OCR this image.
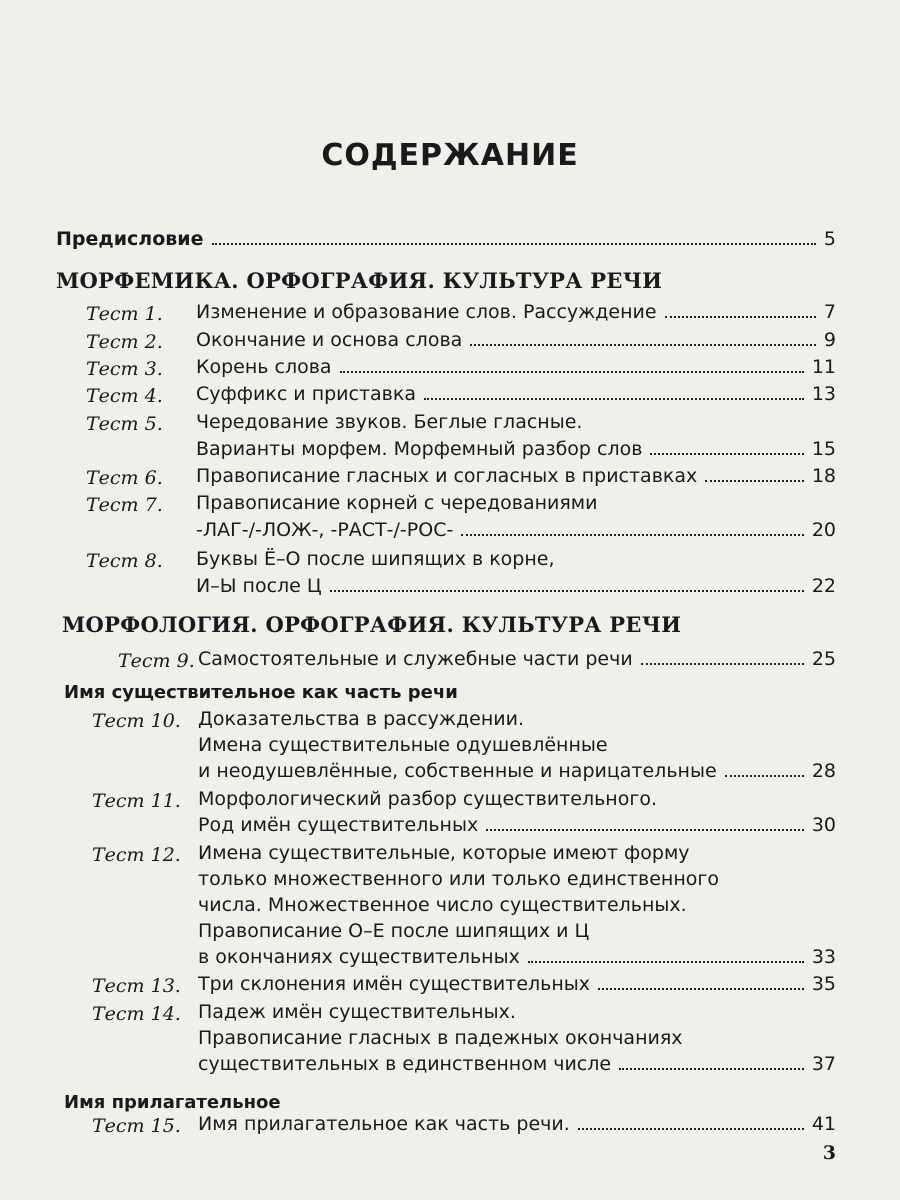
СОДЕРЖАНИЕ
Предисловие	5
МОРФЕМИКА. ОРФОГРАФИЯ. КУЛЬТУРА РЕЧИ
Тест 1. Изменение и образование слов. Рассуждение	7
Тест 2. Окончание и основа слова	9
Тест 3. Корень слова	11
Тест 4. Суффикс и приставка	13
Тест 5. Чередование звуков. Беглые гласные.
Варианты морфем. Морфемный разбор слов	15
Тест 6. Правописание гласных и согласных в приставках	18
Тест 7. Правописание корней с чередованиями
-ЛАГ-/-ЛОЖ-, -РАСТ-/-РОС-	20
Тест 8. Буквы Ё–О после шипящих в корне,
И–Ы после Ц	22
МОРФОЛОГИЯ. ОРФОГРАФИЯ. КУЛЬТУРА РЕЧИ
Тест 9. Самостоятельные и служебные части речи	25
Имя существительное как часть речи
Тест 10. Доказательства в рассуждении.
Имена существительные одушевлённые
и неодушевлённые, собственные и нарицательные	28
Тест 11. Морфологический разбор существительного.
Род имён существительных	30
Тест 12. Имена существительные, которые имеют форму
только множественного или только единственного
числа. Множественное число существительных.
Правописание О–Е после шипящих и Ц
в окончаниях существительных	33
Тест 13. Три склонения имён существительных	35
Тест 14. Падеж имён существительных.
Правописание гласных в падежных окончаниях
существительных в единственном числе	37
Имя прилагательное
Тест 15. Имя прилагательное как часть речи.	41
3
